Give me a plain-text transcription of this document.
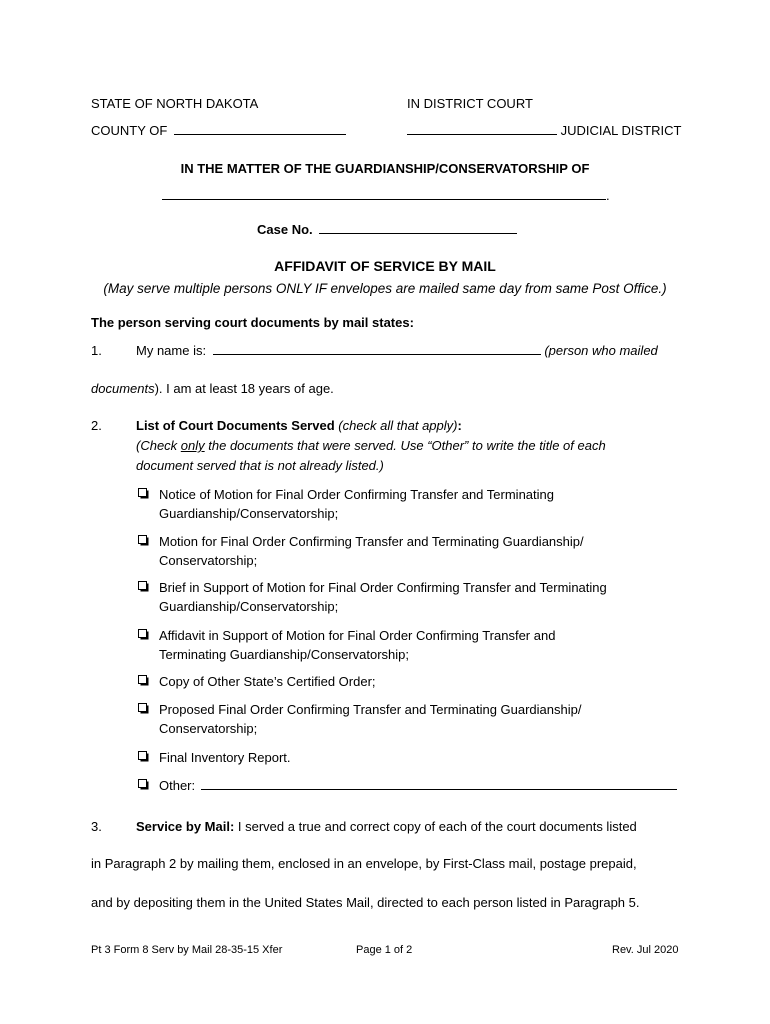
STATE OF NORTH DAKOTA	IN DISTRICT COURT
COUNTY OF	JUDICIAL DISTRICT
IN THE MATTER OF THE GUARDIANSHIP/CONSERVATORSHIP OF
.
Case No.
AFFIDAVIT OF SERVICE BY MAIL
(May serve multiple persons ONLY IF envelopes are mailed same day from same Post Office.)
The person serving court documents by mail states:
1.	My name is:	(person who mailed
documents). I am at least 18 years of age.
2.	List of Court Documents Served (check all that apply):
(Check only the documents that were served. Use “Other” to write the title of each
document served that is not already listed.)
Notice of Motion for Final Order Confirming Transfer and Terminating Guardianship/Conservatorship;
Motion for Final Order Confirming Transfer and Terminating Guardianship/ Conservatorship;
Brief in Support of Motion for Final Order Confirming Transfer and Terminating Guardianship/Conservatorship;
Affidavit in Support of Motion for Final Order Confirming Transfer and Terminating Guardianship/Conservatorship;
Copy of Other State’s Certified Order;
Proposed Final Order Confirming Transfer and Terminating Guardianship/ Conservatorship;
Final Inventory Report.
Other:
3.	Service by Mail: I served a true and correct copy of each of the court documents listed
in Paragraph 2 by mailing them, enclosed in an envelope, by First-Class mail, postage prepaid,
and by depositing them in the United States Mail, directed to each person listed in Paragraph 5.
Pt 3 Form 8 Serv by Mail 28-35-15 Xfer	Page 1 of 2	Rev. Jul 2020
